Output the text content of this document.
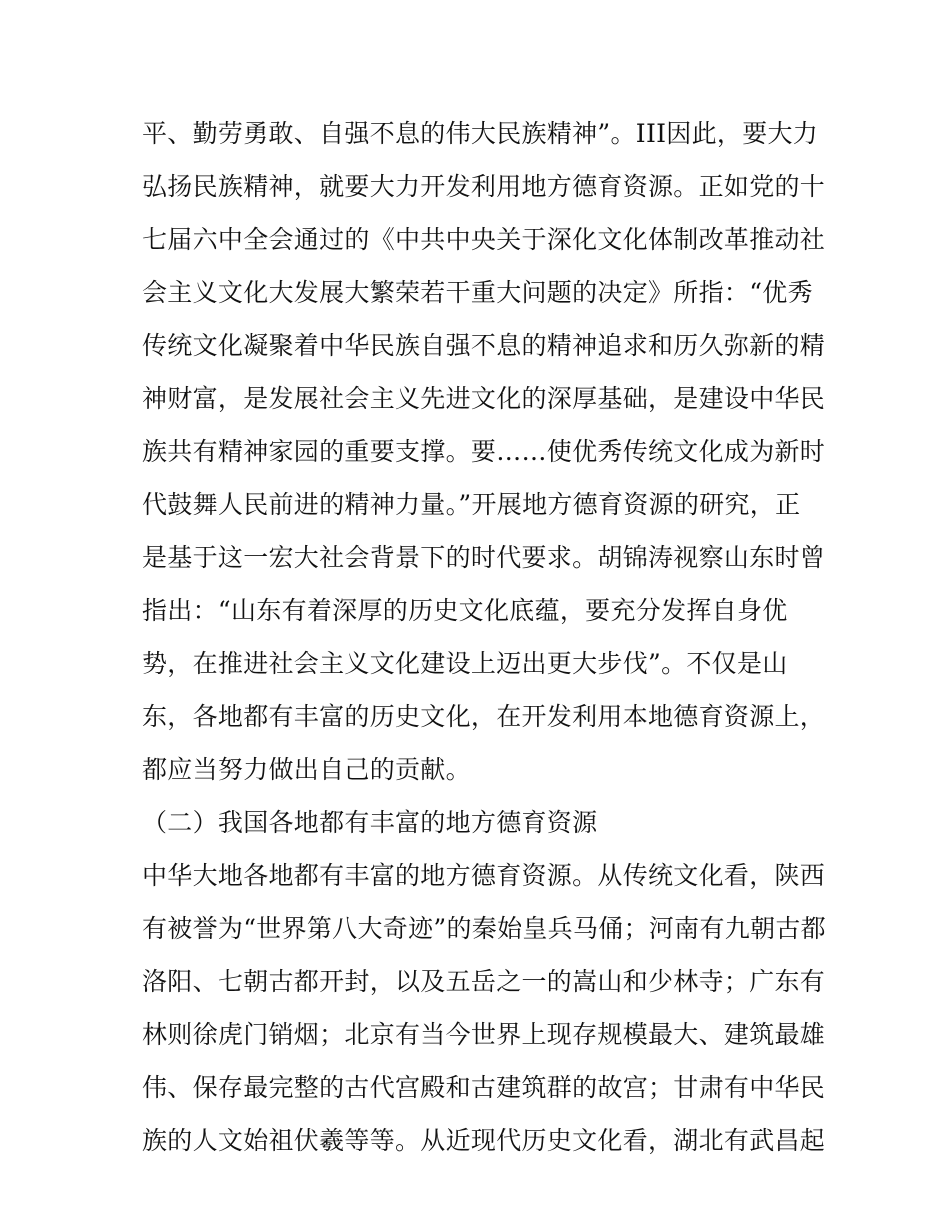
平、勤劳勇敢、自强不息的伟大民族精神”。III因此，要大力
弘扬民族精神，就要大力开发利用地方德育资源。正如党的十
七届六中全会通过的《中共中央关于深化文化体制改革推动社
会主义文化大发展大繁荣若干重大问题的决定》所指：“优秀
传统文化凝聚着中华民族自强不息的精神追求和历久弥新的精
神财富，是发展社会主义先进文化的深厚基础，是建设中华民
族共有精神家园的重要支撑。要……使优秀传统文化成为新时
代鼓舞人民前进的精神力量。”开展地方德育资源的研究，正
是基于这一宏大社会背景下的时代要求。胡锦涛视察山东时曾
指出：“山东有着深厚的历史文化底蕴，要充分发挥自身优
势，在推进社会主义文化建设上迈出更大步伐”。不仅是山
东，各地都有丰富的历史文化，在开发利用本地德育资源上，
都应当努力做出自己的贡献。
（二）我国各地都有丰富的地方德育资源
中华大地各地都有丰富的地方德育资源。从传统文化看，陕西
有被誉为“世界第八大奇迹”的秦始皇兵马俑；河南有九朝古都
洛阳、七朝古都开封，以及五岳之一的嵩山和少林寺；广东有
林则徐虎门销烟；北京有当今世界上现存规模最大、建筑最雄
伟、保存最完整的古代宫殿和古建筑群的故宫；甘肃有中华民
族的人文始祖伏羲等等。从近现代历史文化看，湖北有武昌起
